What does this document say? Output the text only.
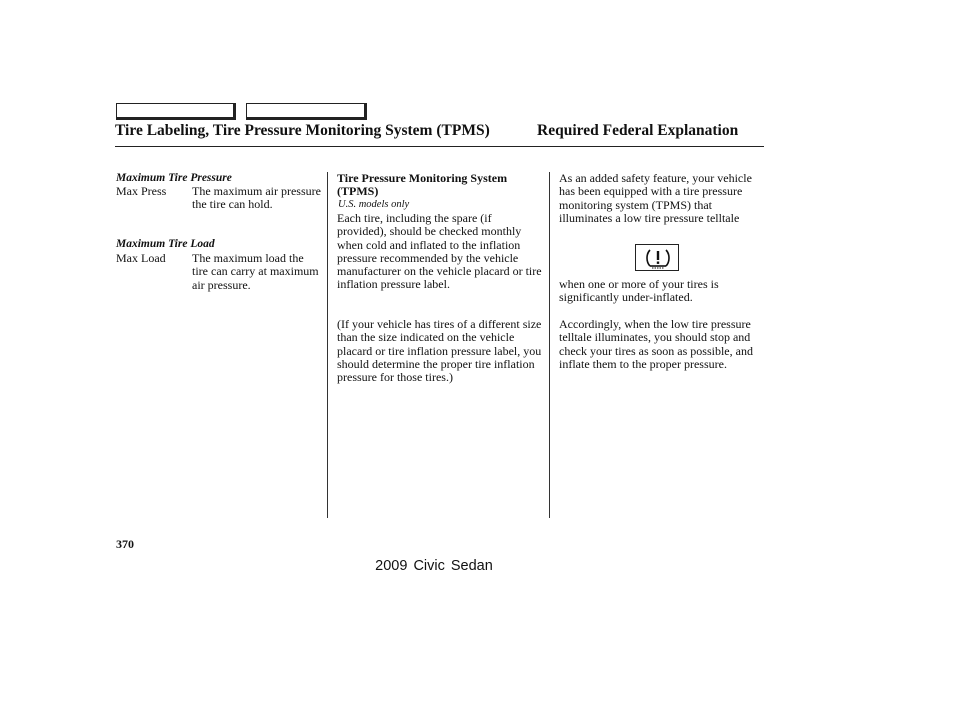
Tire Labeling, Tire Pressure Monitoring System (TPMS)	Required Federal Explanation
Maximum Tire Pressure
Max Press The maximum air pressure the tire can hold.
Maximum Tire Load
Max Load The maximum load the tire can carry at maximum air pressure.
Tire Pressure Monitoring System (TPMS)
U.S. models only
Each tire, including the spare (if provided), should be checked monthly when cold and inflated to the inflation pressure recommended by the vehicle manufacturer on the vehicle placard or tire inflation pressure label.
(If your vehicle has tires of a different size than the size indicated on the vehicle placard or tire inflation pressure label, you should determine the proper tire inflation pressure for those tires.)
As an added safety feature, your vehicle has been equipped with a tire pressure monitoring system (TPMS) that illuminates a low tire pressure telltale
when one or more of your tires is significantly under-inflated.
Accordingly, when the low tire pressure telltale illuminates, you should stop and check your tires as soon as possible, and inflate them to the proper pressure.
370
2009 Civic Sedan
